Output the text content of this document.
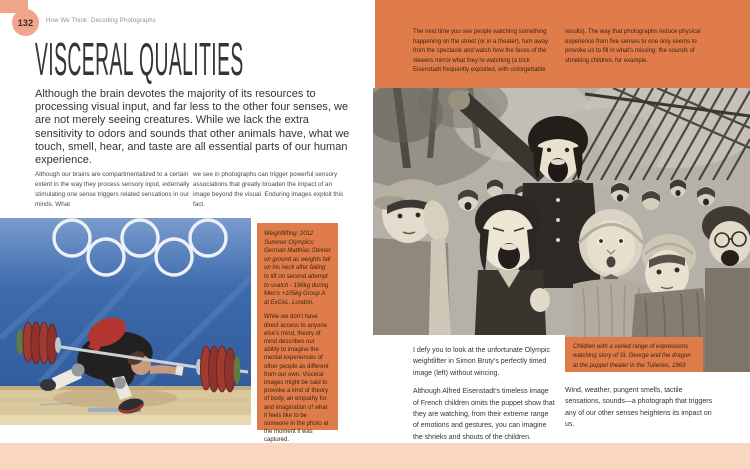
132 How We Think: Decoding Photographs
VISCERAL QUALITIES
Although the brain devotes the majority of its resources to processing visual input, and far less to the other four senses, we are not merely seeing creatures. While we lack the extra sensitivity to odors and sounds that other animals have, what we touch, smell, hear, and taste are all essential parts of our human experience.
Although our brains are compartmentalized to a certain extent in the way they process sensory input, externally stimulating one sense triggers related sensations in our minds. What
we see in photographs can trigger powerful sensory associations that greatly broaden the impact of an image beyond the visual. Enduring images exploit this fact.

Weightlifting: 2012 Summer Olympics: German Matthias Steiner on ground as weights fall on his neck after failing to lift on second attempt to snatch - 196kg during Men’s +105kg Group A at ExCeL, London.

While we don’t have direct access to anyone else’s mind, theory of mind describes our ability to imagine the mental experiences of other people as different from our own. Visceral images might be said to provoke a kind of theory of body, an empathy for and imagination of what it feels like to be someone in the photo at the moment it was captured.

The next time you see people watching something happening on the street (or in a theater), turn away from the spectacle and watch how the faces of the viewers mirror what they’re watching (a trick Eisenstadt frequently exploited, with unforgettable
results). The way that photographs reduce physical experience from five senses to one only seems to provoke us to fill in what’s missing: the sounds of shrieking children, for example.
Children with a varied range of expressions watching story of St. George and the dragon at the puppet theater in the Tuileries, 1963

I defy you to look at the unfortunate Olympic weightlifter in Simon Bruty’s perfectly timed image (left) without wincing.

Although Alfred Eisenstadt’s timeless image of French children omits the puppet show that they are watching, from their extreme range of emotions and gestures, you can imagine the shrieks and shouts of the children.

Wind, weather, pungent smells, tactile sensations, sounds—a photograph that triggers any of our other senses heightens its impact on us.
